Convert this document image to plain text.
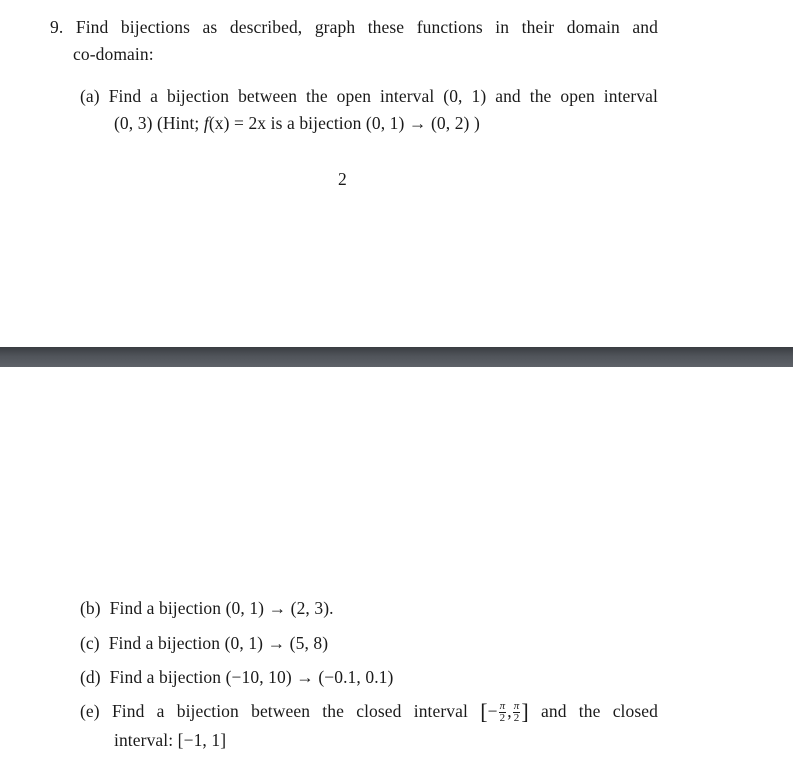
9. Find bijections as described, graph these functions in their domain and
co-domain:
(a) Find a bijection between the open interval (0, 1) and the open interval
(0, 3) (Hint; f(x) = 2x is a bijection (0, 1) → (0, 2) )
2
(b) Find a bijection (0, 1) → (2, 3).
(c) Find a bijection (0, 1) → (5, 8)
(d) Find a bijection (−10, 10) → (−0.1, 0.1)
(e) Find a bijection between the closed interval [− $\frac{\pi}{2}$ , $\frac{\pi}{2}$ ] and the closed
interval: [−1, 1]
